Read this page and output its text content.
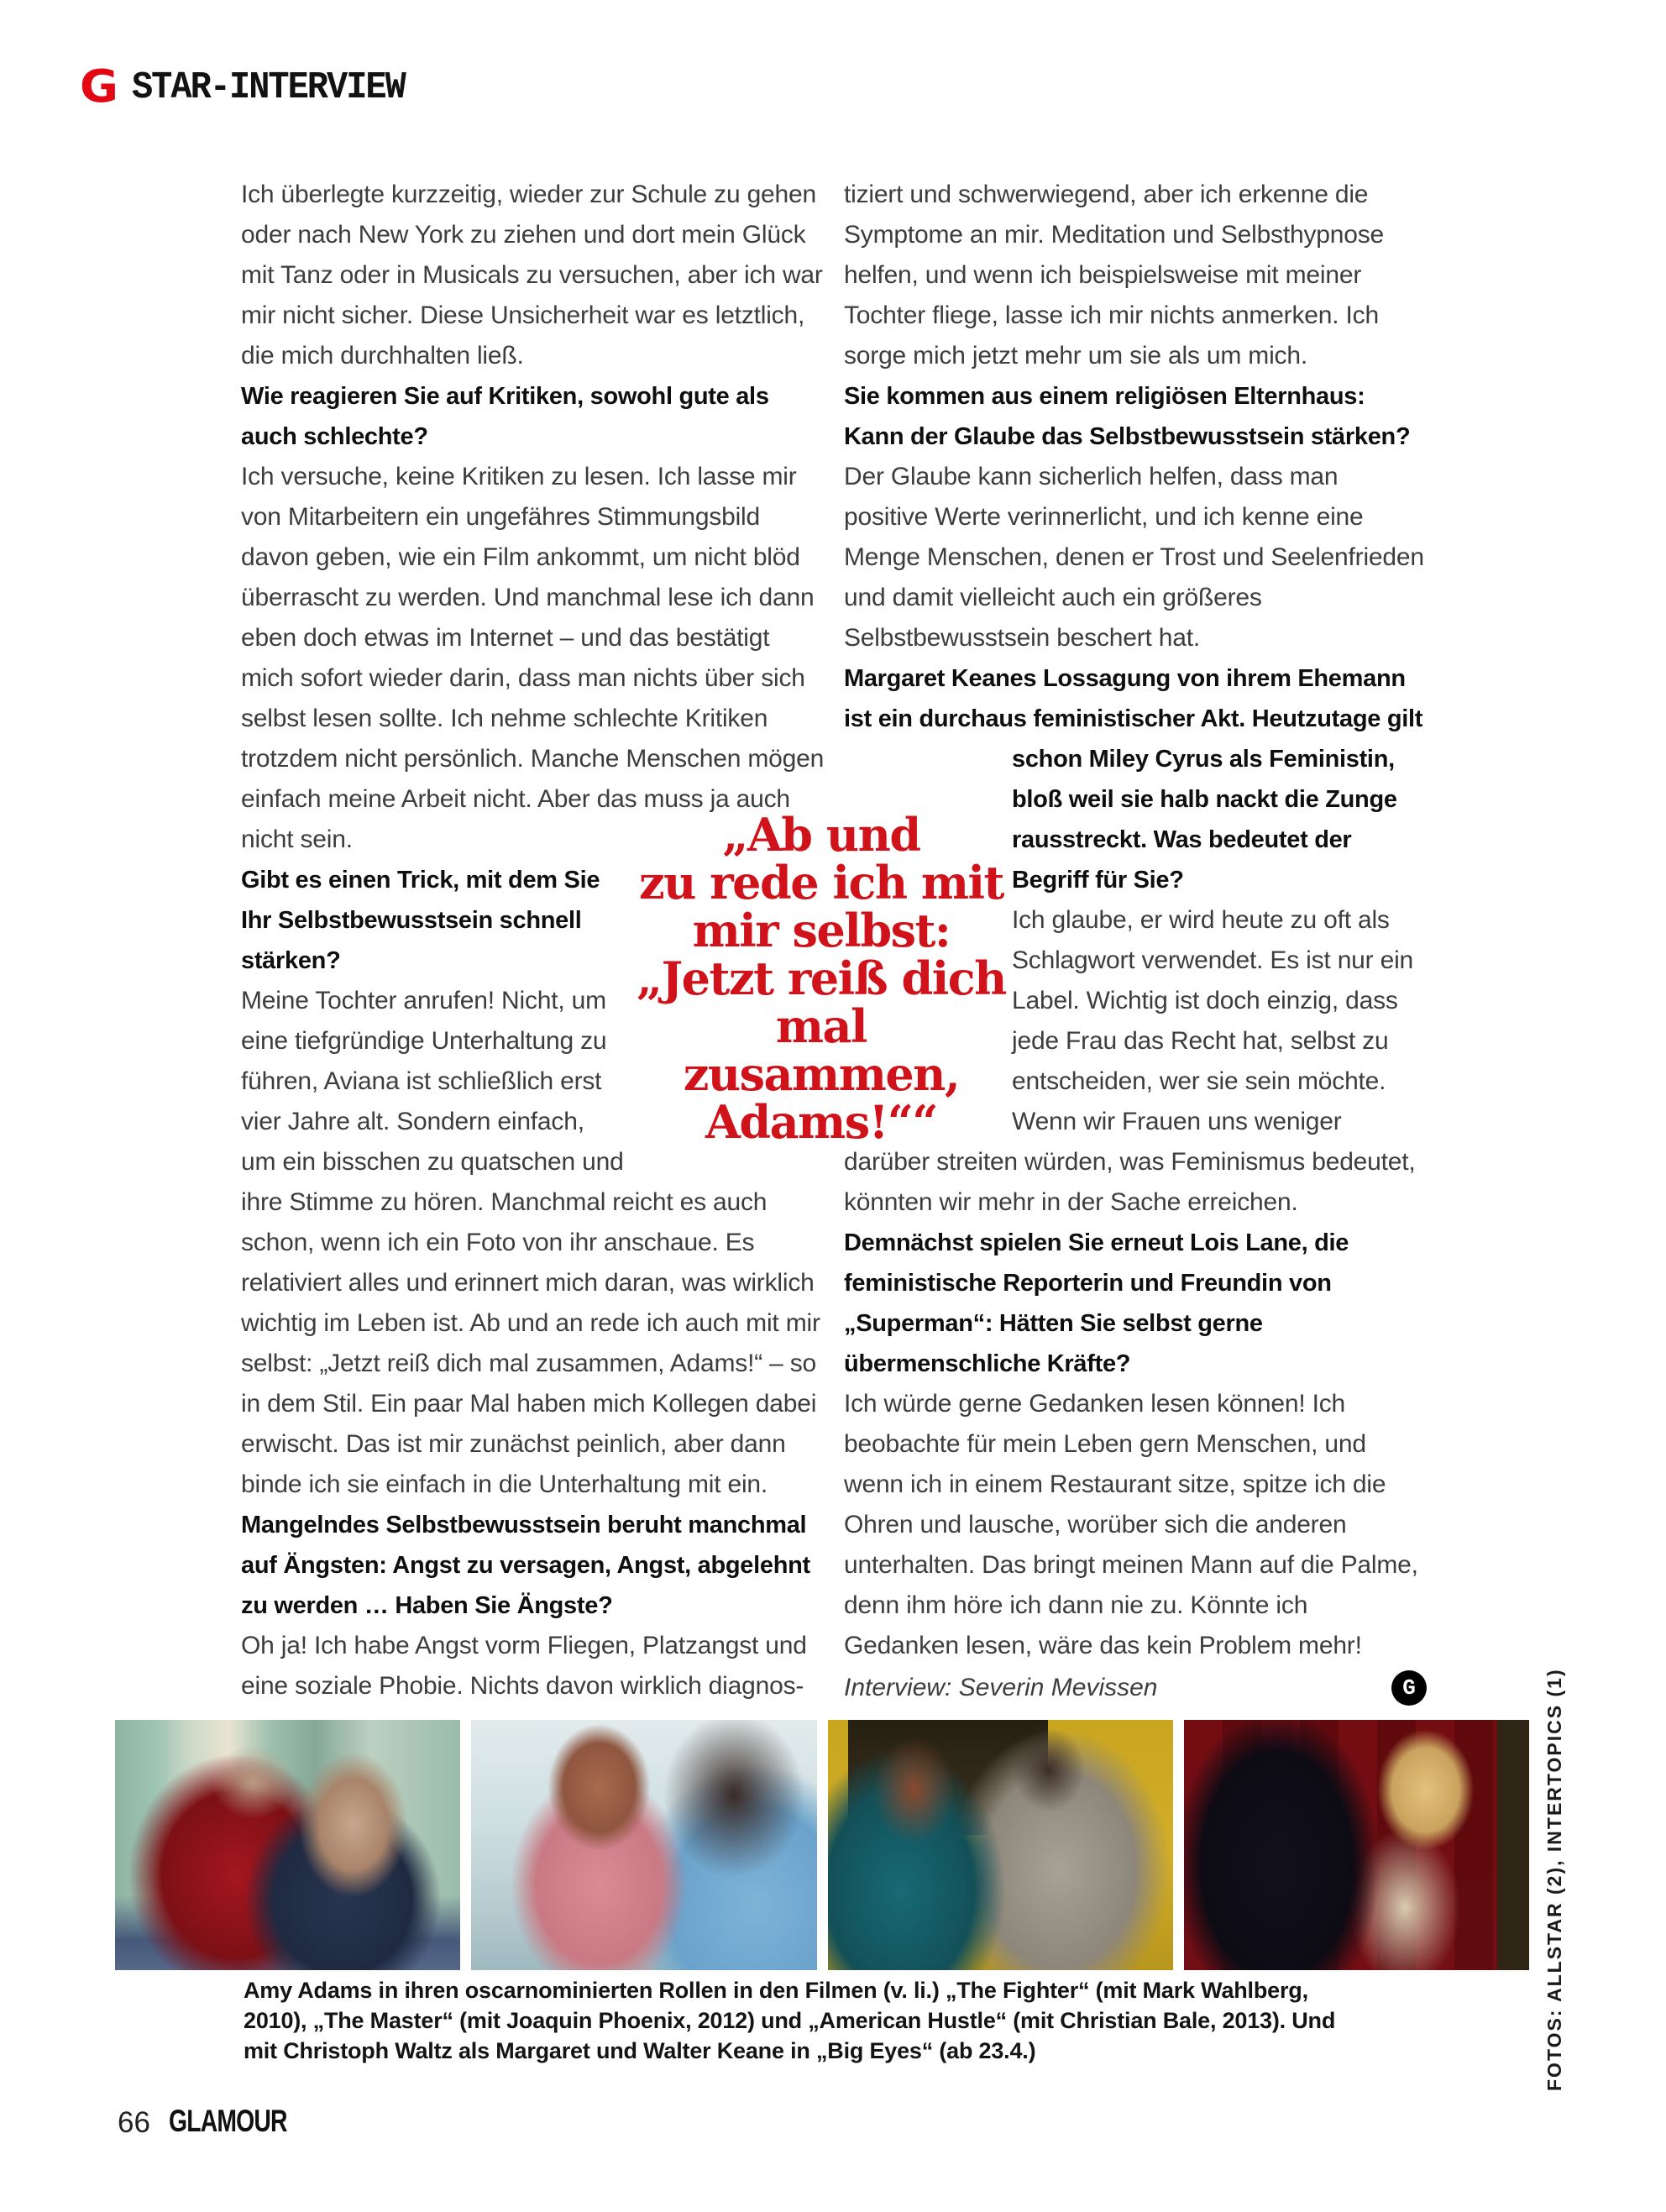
G STAR-INTERVIEW

Ich überlegte kurzzeitig, wieder zur Schule zu gehen oder nach New York zu ziehen und dort mein Glück mit Tanz oder in Musicals zu versuchen, aber ich war mir nicht sicher. Diese Unsicherheit war es letztlich, die mich durchhalten ließ.

Wie reagieren Sie auf Kritiken, sowohl gute als auch schlechte?

Ich versuche, keine Kritiken zu lesen. Ich lasse mir von Mitarbeitern ein ungefähres Stimmungsbild davon geben, wie ein Film ankommt, um nicht blöd überrascht zu werden. Und manchmal lese ich dann eben doch etwas im Internet – und das bestätigt mich sofort wieder darin, dass man nichts über sich selbst lesen sollte. Ich nehme schlechte Kritiken trotzdem nicht persönlich. Manche Menschen mögen einfach meine Arbeit nicht. Aber das muss ja auch nicht sein.

Gibt es einen Trick, mit dem Sie Ihr Selbstbewusstsein schnell stärken?

Meine Tochter anrufen! Nicht, um eine tiefgründige Unterhaltung zu führen, Aviana ist schließlich erst vier Jahre alt. Sondern einfach, um ein bisschen zu quatschen und ihre Stimme zu hören. Manchmal reicht es auch schon, wenn ich ein Foto von ihr anschaue. Es relativiert alles und erinnert mich daran, was wirklich wichtig im Leben ist. Ab und an rede ich auch mit mir selbst: „Jetzt reiß dich mal zusammen, Adams!“ – so in dem Stil. Ein paar Mal haben mich Kollegen dabei erwischt. Das ist mir zunächst peinlich, aber dann binde ich sie einfach in die Unterhaltung mit ein.

Mangelndes Selbstbewusstsein beruht manchmal auf Ängsten: Angst zu versagen, Angst, abgelehnt zu werden … Haben Sie Ängste?

Oh ja! Ich habe Angst vorm Fliegen, Platzangst und eine soziale Phobie. Nichts davon wirklich diagnos-

tiziert und schwerwiegend, aber ich erkenne die Symptome an mir. Meditation und Selbsthypnose helfen, und wenn ich beispielsweise mit meiner Tochter fliege, lasse ich mir nichts anmerken. Ich sorge mich jetzt mehr um sie als um mich.

Sie kommen aus einem religiösen Elternhaus: Kann der Glaube das Selbstbewusstsein stärken?

Der Glaube kann sicherlich helfen, dass man positive Werte verinnerlicht, und ich kenne eine Menge Menschen, denen er Trost und Seelenfrieden und damit vielleicht auch ein größeres Selbstbewusstsein beschert hat.

Margaret Keanes Lossagung von ihrem Ehemann ist ein durchaus feministischer Akt. Heutzutage gilt schon Miley Cyrus als Feministin, bloß weil sie halb nackt die Zunge rausstreckt. Was bedeutet der Begriff für Sie?

Ich glaube, er wird heute zu oft als Schlagwort verwendet. Es ist nur ein Label. Wichtig ist doch einzig, dass jede Frau das Recht hat, selbst zu entscheiden, wer sie sein möchte. Wenn wir Frauen uns weniger darüber streiten würden, was Feminismus bedeutet, könnten wir mehr in der Sache erreichen.

Demnächst spielen Sie erneut Lois Lane, die feministische Reporterin und Freundin von „Superman“: Hätten Sie selbst gerne übermenschliche Kräfte?

Ich würde gerne Gedanken lesen können! Ich beobachte für mein Leben gern Menschen, und wenn ich in einem Restaurant sitze, spitze ich die Ohren und lausche, worüber sich die anderen unterhalten. Das bringt meinen Mann auf die Palme, denn ihm höre ich dann nie zu. Könnte ich Gedanken lesen, wäre das kein Problem mehr!

Interview: Severin Mevissen	G
„Ab und
zu rede ich mit
mir selbst:
„Jetzt reiß dich
mal zusammen,
Adams!““
Amy Adams in ihren oscarnominierten Rollen in den Filmen (v. li.) „The Fighter“ (mit Mark Wahlberg, 2010), „The Master“ (mit Joaquin Phoenix, 2012) und „American Hustle“ (mit Christian Bale, 2013). Und mit Christoph Waltz als Margaret und Walter Keane in „Big Eyes“ (ab 23.4.)	FOTOS: ALLSTAR (2), INTERTOPICS (1)
66 GLAMOUR
